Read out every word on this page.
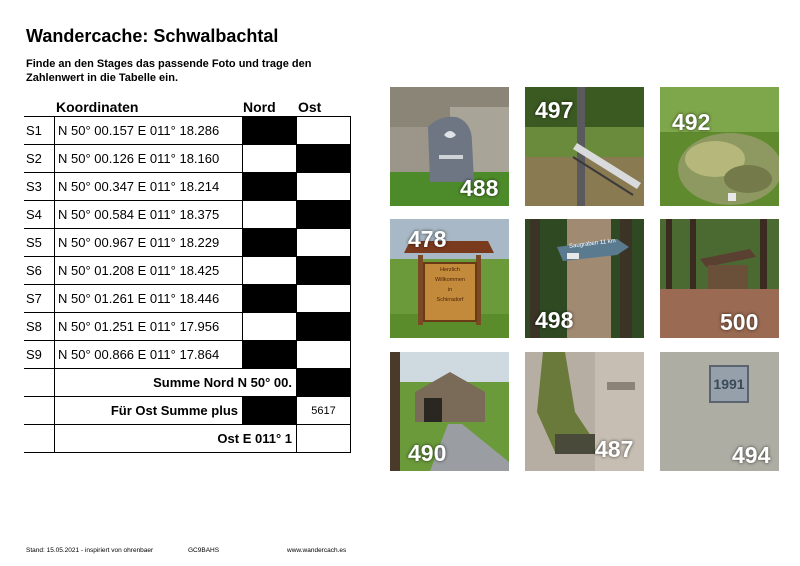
Wandercache: Schwalbachtal
Finde an den Stages das passende Foto und trage den Zahlenwert in die Tabelle ein.
Koordinaten	Nord Ost
S1	N 50° 00.157 E 011° 18.286		
S2	N 50° 00.126 E 011° 18.160		
S3	N 50° 00.347 E 011° 18.214		
S4	N 50° 00.584 E 011° 18.375		
S5	N 50° 00.967 E 011° 18.229		
S6	N 50° 01.208 E 011° 18.425		
S7	N 50° 01.261 E 011° 18.446		
S8	N 50° 01.251 E 011° 17.956		
S9	N 50° 00.866 E 011° 17.864		
	Summe Nord N 50° 00.		
	Für Ost Summe plus		5617
	Ost E 011° 1		
488
497	492
Herzlich Willkommen
in
Schirradorf
478	Saugraben 11 km
498	500
490	487
1991
494
Stand: 15.05.2021 - inspiriert von ohrenbaer	GC9BAHS	www.wandercach.es
